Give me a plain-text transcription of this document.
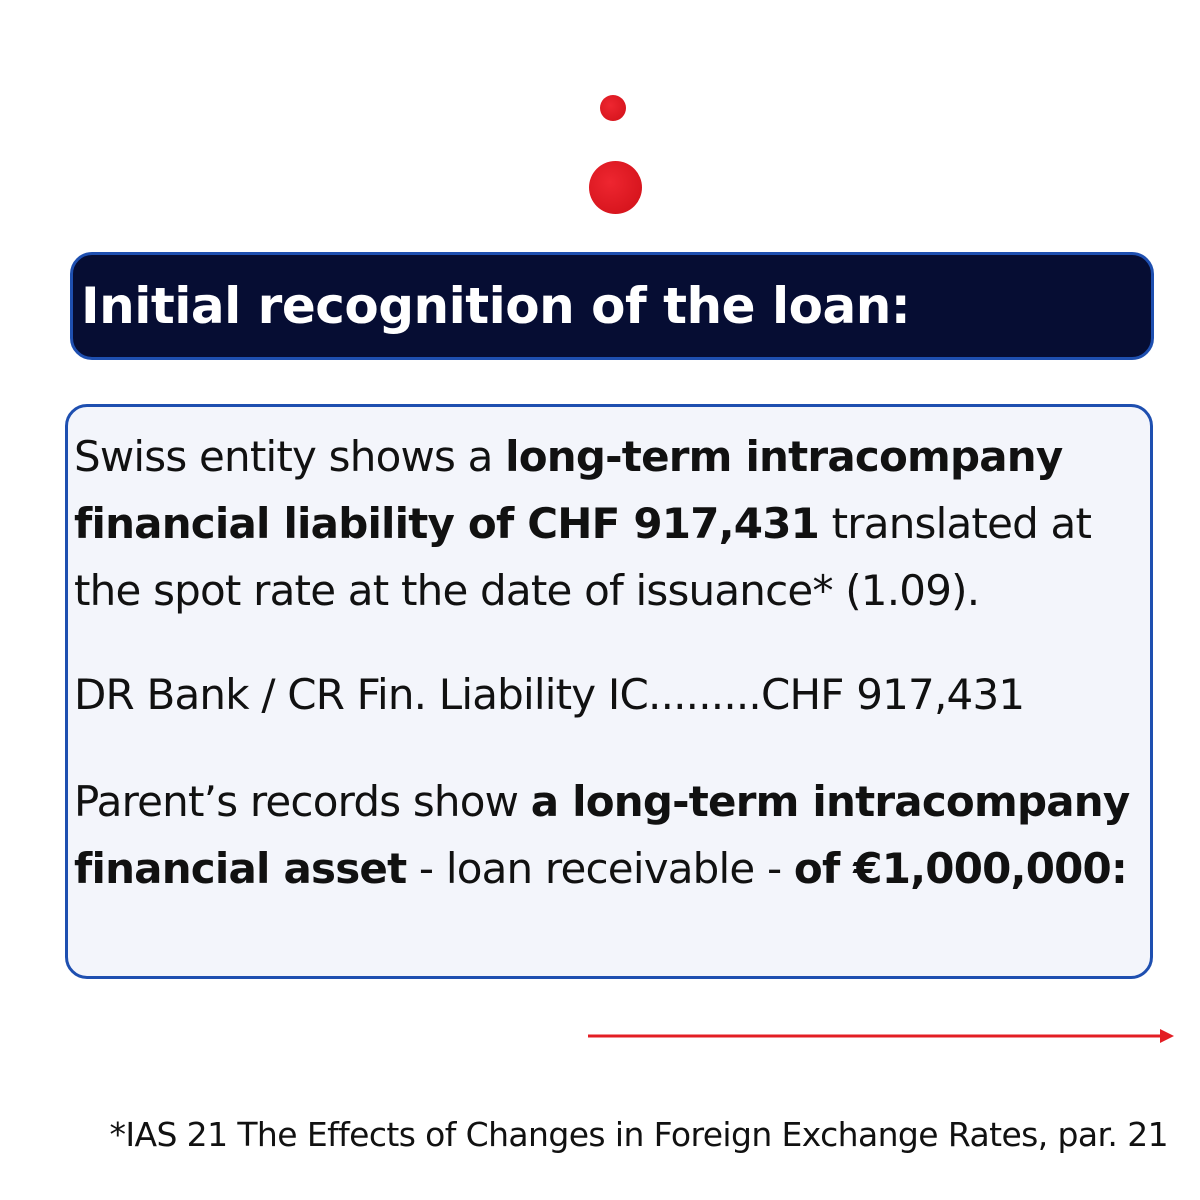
Initial recognition of the loan:
Swiss entity shows a long-term intracompany financial liability of CHF 917,431 translated at the spot rate at the date of issuance* (1.09).
DR Bank / CR Fin. Liability IC.........CHF 917,431
Parent’s records show a long-term intracompany financial asset - loan receivable - of €1,000,000:
*IAS 21 The Effects of Changes in Foreign Exchange Rates, par. 21
